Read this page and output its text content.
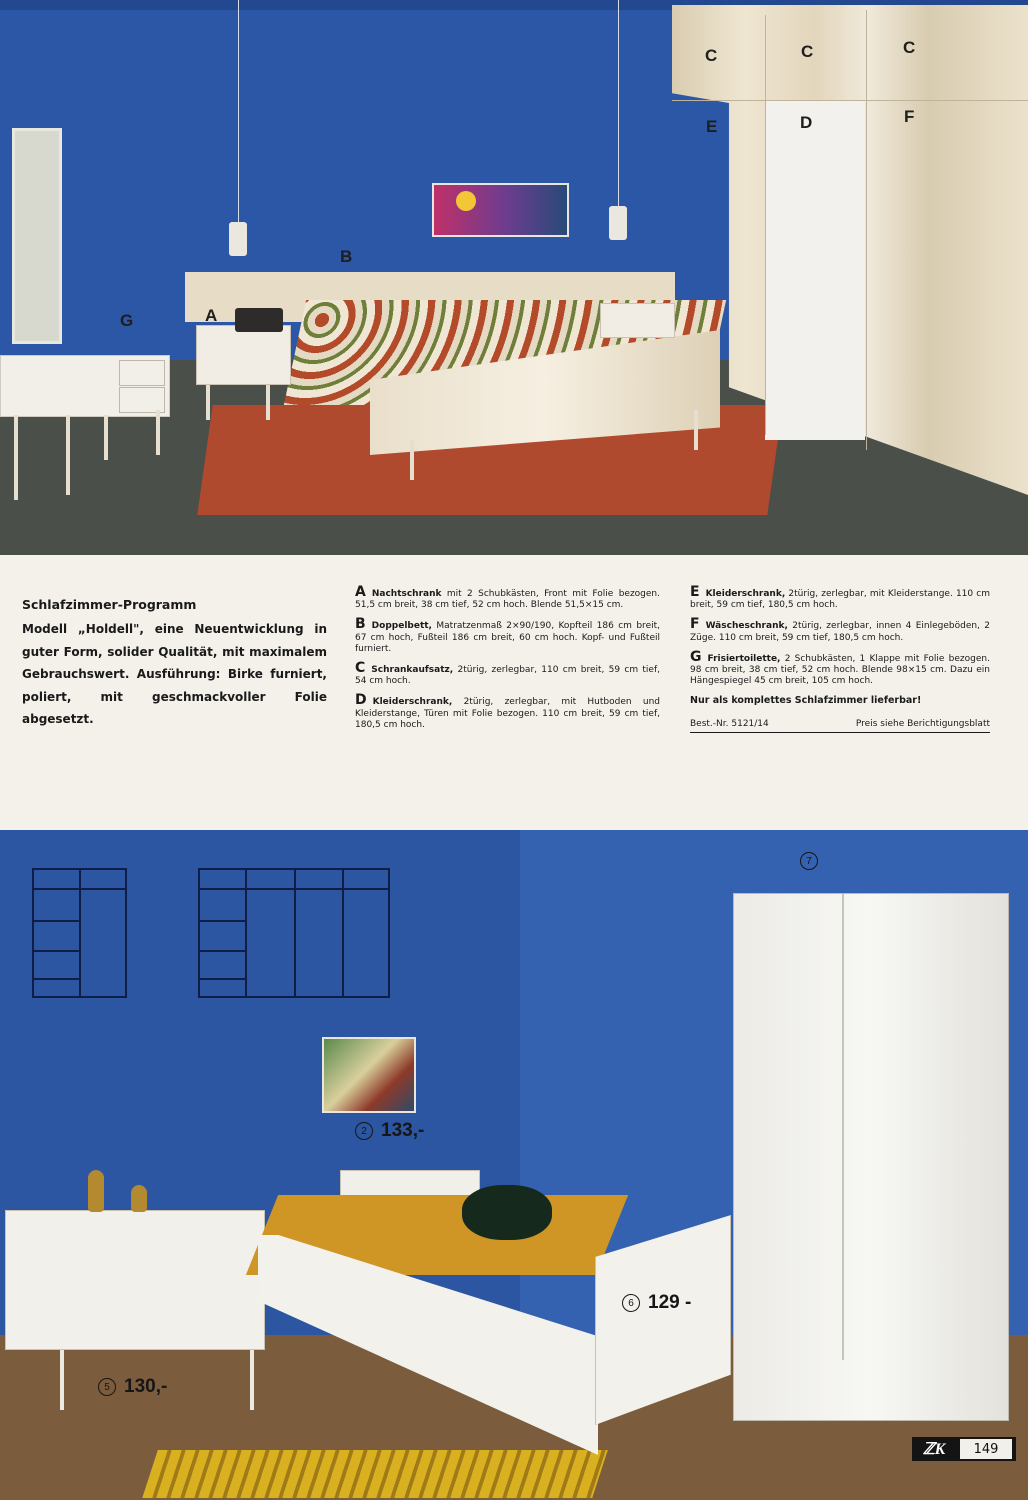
C	C	C
E	D	F
B
A
G
Schlafzimmer-Programm
Modell „Holdell", eine Neuentwicklung in guter Form, solider Qualität, mit maximalem Gebrauchswert. Ausführung: Birke furniert, poliert, mit geschmackvoller Folie abgesetzt.
A Nachtschrank mit 2 Schubkästen, Front mit Folie bezogen. 51,5 cm breit, 38 cm tief, 52 cm hoch. Blende 51,5×15 cm.
B Doppelbett, Matratzenmaß 2×90/190, Kopfteil 186 cm breit, 67 cm hoch, Fußteil 186 cm breit, 60 cm hoch. Kopf- und Fußteil furniert.
C Schrankaufsatz, 2türig, zerlegbar, 110 cm breit, 59 cm tief, 54 cm hoch.
D Kleiderschrank, 2türig, zerlegbar, mit Hutboden und Kleiderstange, Türen mit Folie bezogen. 110 cm breit, 59 cm tief, 180,5 cm hoch.
E Kleiderschrank, 2türig, zerlegbar, mit Kleiderstange. 110 cm breit, 59 cm tief, 180,5 cm hoch.
F Wäscheschrank, 2türig, zerlegbar, innen 4 Einlegeböden, 2 Züge. 110 cm breit, 59 cm tief, 180,5 cm hoch.
G Frisiertoilette, 2 Schubkästen, 1 Klappe mit Folie bezogen. 98 cm breit, 38 cm tief, 52 cm hoch. Blende 98×15 cm. Dazu ein Hängespiegel 45 cm breit, 105 cm hoch.
Nur als komplettes Schlafzimmer lieferbar!
Best.-Nr. 5121/14	Preis siehe Berichtigungsblatt
7
2 133,-
6 129 -
5 130,-
ℤK	149
